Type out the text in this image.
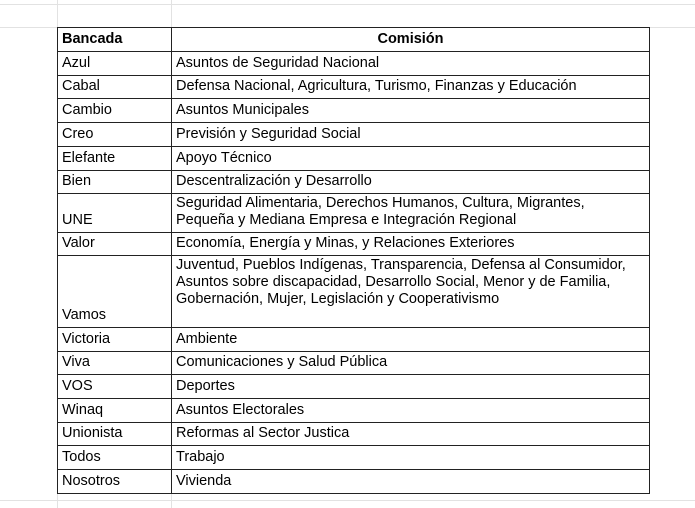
Bancada	Comisión
Azul	Asuntos de Seguridad Nacional
Cabal	Defensa Nacional, Agricultura, Turismo, Finanzas y Educación
Cambio	Asuntos Municipales
Creo	Previsión y Seguridad Social
Elefante	Apoyo Técnico
Bien	Descentralización y Desarrollo
UNE	Seguridad Alimentaria, Derechos Humanos, Cultura, Migrantes, Pequeña y Mediana Empresa e Integración Regional
Valor	Economía, Energía y Minas, y Relaciones Exteriores
Vamos	Juventud, Pueblos Indígenas, Transparencia, Defensa al Consumidor, Asuntos sobre discapacidad, Desarrollo Social, Menor y de Familia, Gobernación, Mujer, Legislación y Cooperativismo
Victoria	Ambiente
Viva	Comunicaciones y Salud Pública
VOS	Deportes
Winaq	Asuntos Electorales
Unionista	Reformas al Sector Justica
Todos	Trabajo
Nosotros	Vivienda
